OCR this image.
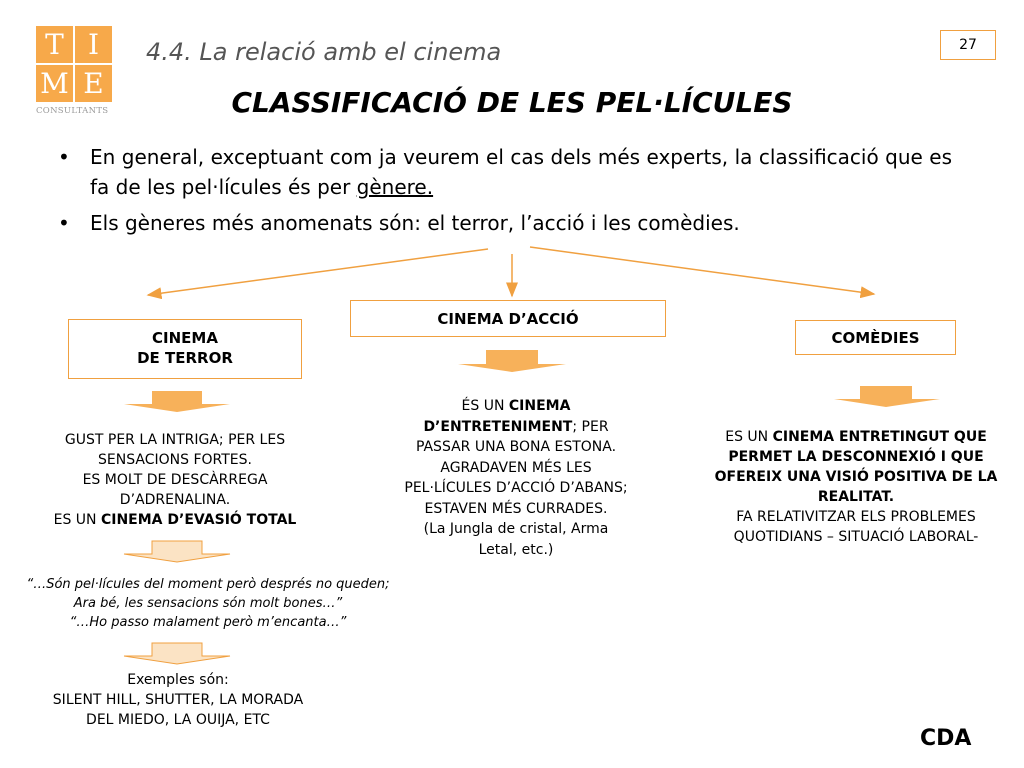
T I
M E
CONSULTANTS
4.4. La relació amb el cinema	27
CLASSIFICACIÓ DE LES PEL·LÍCULES
• En general, exceptuant com ja veurem el cas dels més experts, la classificació que es fa de les pel·lícules és per gènere.
• Els gèneres més anomenats són: el terror, l’acció i les comèdies.
CINEMA
DE TERROR
GUST PER LA INTRIGA; PER LES
SENSACIONS FORTES.
ES MOLT DE DESCÀRREGA
D’ADRENALINA.
ES UN CINEMA D’EVASIÓ TOTAL
“…Són pel·lícules del moment però després no queden;
Ara bé, les sensacions són molt bones…”
“…Ho passo malament però m’encanta…”
Exemples són:
SILENT HILL, SHUTTER, LA MORADA
DEL MIEDO, LA OUIJA, ETC
CINEMA D’ACCIÓ
ÉS UN CINEMA
D’ENTRETENIMENT; PER
PASSAR UNA BONA ESTONA.
AGRADAVEN MÉS LES
PEL·LÍCULES D’ACCIÓ D’ABANS;
ESTAVEN MÉS CURRADES.
(La Jungla de cristal, Arma
Letal, etc.)
COMÈDIES
ES UN CINEMA ENTRETINGUT QUE
PERMET LA DESCONNEXIÓ I QUE
OFEREIX UNA VISIÓ POSITIVA DE LA
REALITAT.
FA RELATIVITZAR ELS PROBLEMES
QUOTIDIANS – SITUACIÓ LABORAL-
CDA
